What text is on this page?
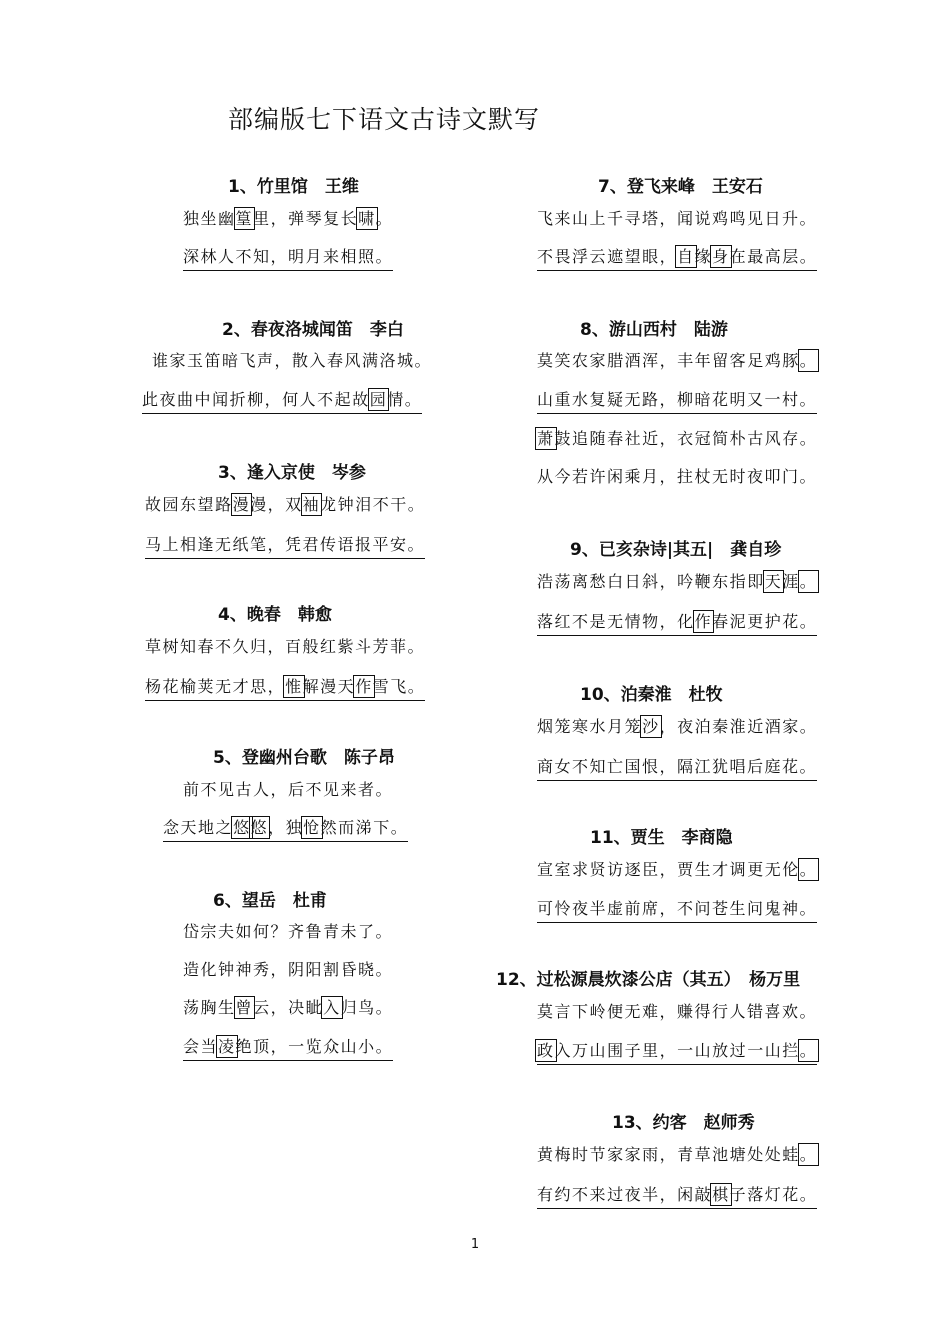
部编版七下语文古诗文默写
1、竹里馆　王维
独坐幽篁里，弹琴复长啸。
深林人不知，明月来相照。
2、春夜洛城闻笛　李白
谁家玉笛暗飞声，散入春风满洛城。
此夜曲中闻折柳，何人不起故园情。
3、逢入京使　岑参
故园东望路漫漫，双袖龙钟泪不干。
马上相逢无纸笔，凭君传语报平安。
4、晚春　韩愈
草树知春不久归，百般红紫斗芳菲。
杨花榆荚无才思，惟解漫天作雪飞。
5、登幽州台歌　陈子昂
前不见古人，后不见来者。
念天地之悠悠，独怆然而涕下。
6、望岳　杜甫
岱宗夫如何？齐鲁青未了。
造化钟神秀，阴阳割昏晓。
荡胸生曾云，决眦入归鸟。
会当凌绝顶，一览众山小。
7、登飞来峰　王安石
飞来山上千寻塔，闻说鸡鸣见日升。
不畏浮云遮望眼，自缘身在最高层。
8、游山西村　陆游
莫笑农家腊酒浑，丰年留客足鸡豚。
山重水复疑无路，柳暗花明又一村。
萧鼓追随春社近，衣冠简朴古风存。
从今若许闲乘月，拄杖无时夜叩门。
9、已亥杂诗|其五|　龚自珍
浩荡离愁白日斜，吟鞭东指即天涯。
落红不是无情物，化作春泥更护花。
10、泊秦淮　杜牧
烟笼寒水月笼沙，夜泊秦淮近酒家。
商女不知亡国恨，隔江犹唱后庭花。
11、贾生　李商隐
宣室求贤访逐臣，贾生才调更无伦。
可怜夜半虚前席，不问苍生问鬼神。
12、过松源晨炊漆公店（其五）　杨万里
莫言下岭便无难，赚得行人错喜欢。
政入万山围子里，一山放过一山拦。
13、约客　赵师秀
黄梅时节家家雨，青草池塘处处蛙。
有约不来过夜半，闲敲棋子落灯花。
1
